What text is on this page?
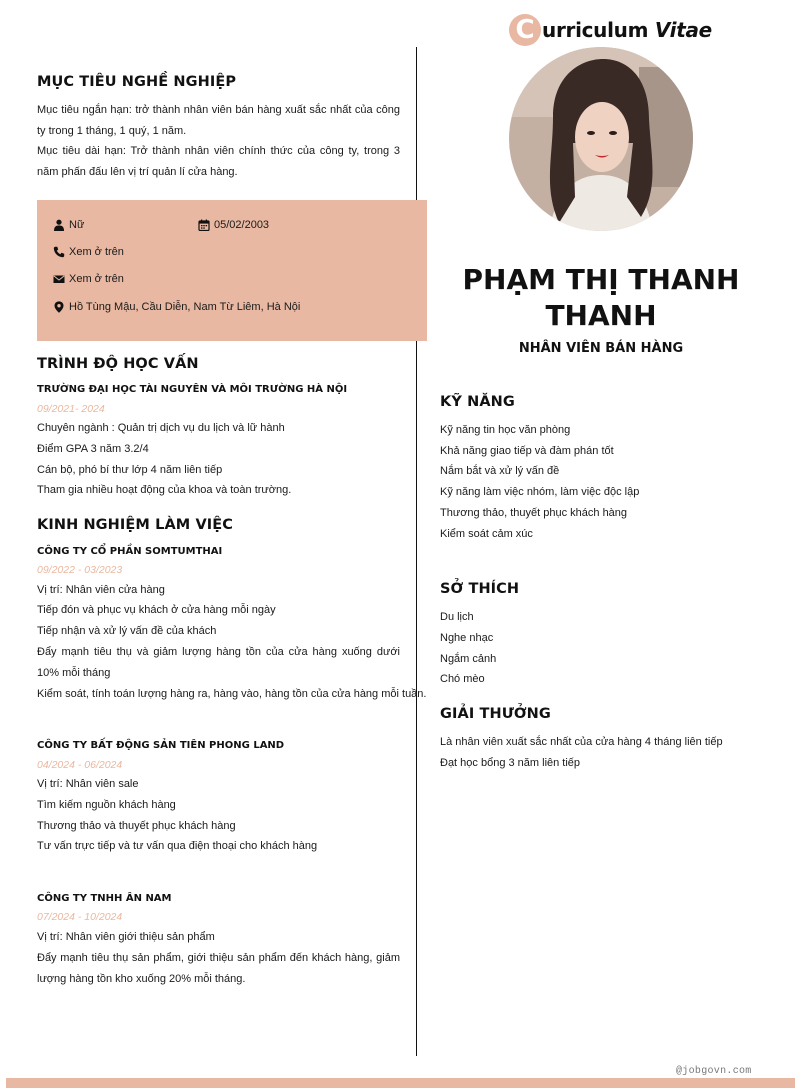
C urriculum Vitae
MỤC TIÊU NGHỀ NGHIỆP
Mục tiêu ngắn hạn: trở thành nhân viên bán hàng xuất sắc nhất của công ty trong 1 tháng, 1 quý, 1 năm.
Mục tiêu dài hạn: Trở thành nhân viên chính thức của công ty, trong 3 năm phấn đấu lên vị trí quản lí cửa hàng.
Nữ	05/02/2003
Xem ở trên
Xem ở trên
Hồ Tùng Mậu, Cầu Diễn, Nam Từ Liêm, Hà Nội
TRÌNH ĐỘ HỌC VẤN
TRƯỜNG ĐẠI HỌC TÀI NGUYÊN VÀ MÔI TRƯỜNG HÀ NỘI
09/2021- 2024
Chuyên ngành : Quản trị dịch vụ du lịch và lữ hành
Điểm GPA 3 năm 3.2/4
Cán bộ, phó bí thư lớp 4 năm liên tiếp
Tham gia nhiều hoạt động của khoa và toàn trường.
KINH NGHIỆM LÀM VIỆC
CÔNG TY CỔ PHẦN SOMTUMTHAI
09/2022 - 03/2023
Vị trí: Nhân viên cửa hàng
Tiếp đón và phục vụ khách ở cửa hàng mỗi ngày
Tiếp nhận và xử lý vấn đề của khách
Đẩy mạnh tiêu thụ và giảm lượng hàng tồn của cửa hàng xuống dưới 10% mỗi tháng
Kiểm soát, tính toán lượng hàng ra, hàng vào, hàng tồn của cửa hàng mỗi tuần.
CÔNG TY BẤT ĐỘNG SẢN TIÊN PHONG LAND
04/2024 - 06/2024
Vị trí: Nhân viên sale
Tìm kiếm nguồn khách hàng
Thương thảo và thuyết phục khách hàng
Tư vấn trực tiếp và tư vấn qua điện thoại cho khách hàng
CÔNG TY TNHH ÂN NAM
07/2024 - 10/2024
Vị trí: Nhân viên giới thiệu sản phẩm
Đẩy mạnh tiêu thụ sản phẩm, giới thiệu sản phẩm đến khách hàng, giảm lượng hàng tồn kho xuống 20% mỗi tháng.
PHẠM THỊ THANH THANH
NHÂN VIÊN BÁN HÀNG
KỸ NĂNG
Kỹ năng tin học văn phòng
Khả năng giao tiếp và đàm phán tốt
Nắm bắt và xử lý vấn đề
Kỹ năng làm việc nhóm, làm việc độc lập
Thương thảo, thuyết phục khách hàng
Kiểm soát cảm xúc
SỞ THÍCH
Du lịch
Nghe nhạc
Ngắm cảnh
Chó mèo
GIẢI THƯỞNG
Là nhân viên xuất sắc nhất của cửa hàng 4 tháng liên tiếp
Đạt học bổng 3 năm liên tiếp
@jobgovn.com
